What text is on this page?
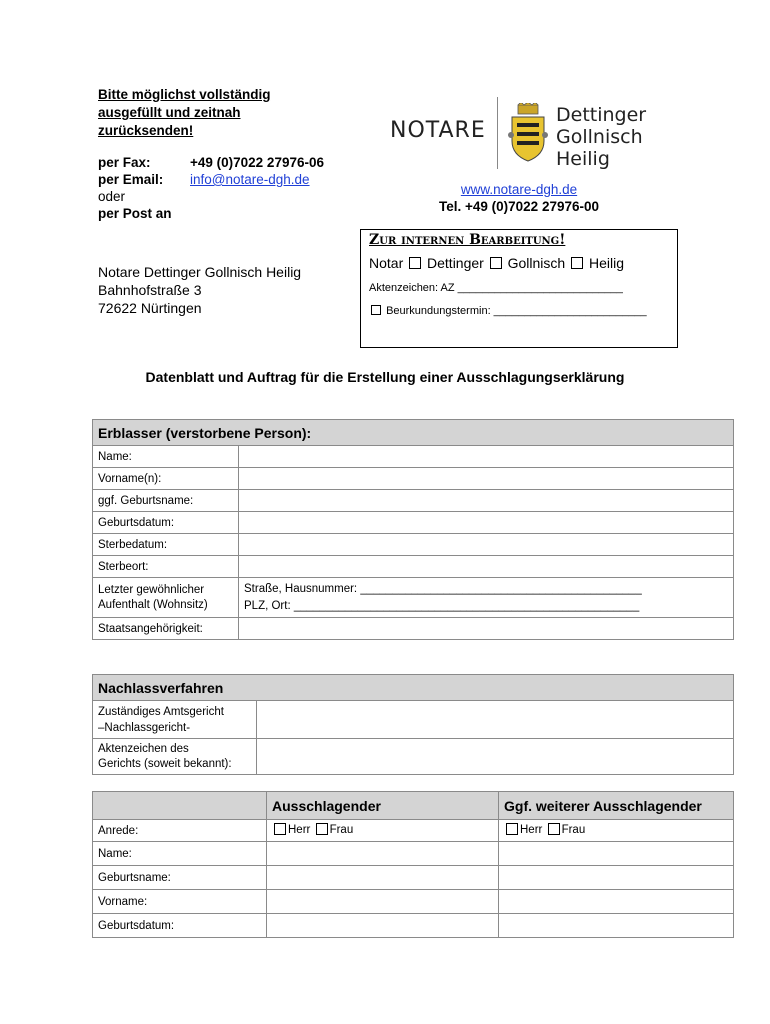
Bitte möglichst vollständig ausgefüllt und zeitnah zurücksenden!
per Fax:	+49 (0)7022 27976-06
per Email:	info@notare-dgh.de
oder
per Post an
Notare Dettinger Gollnisch Heilig
Bahnhofstraße 3
72622 Nürtingen
NOTARE
Dettinger
Gollnisch
Heilig
www.notare-dgh.de
Tel. +49 (0)7022 27976-00
Zur internen Bearbeitung!
Notar Dettinger Gollnisch Heilig
Aktenzeichen: AZ ___________________________
Beurkundungstermin: _________________________
Datenblatt und Auftrag für die Erstellung einer Ausschlagungserklärung
Erblasser (verstorbene Person):	
Name:	
Vorname(n):	
ggf. Geburtsname:	
Geburtsdatum:	
Sterbedatum:	
Sterbeort:	
Letzter gewöhnlicher Aufenthalt (Wohnsitz)	Straße, Hausnummer: ____________________________________________
PLZ, Ort: ______________________________________________________

Staatsangehörigkeit:	
Nachlassverfahren	

Zuständiges Amtsgericht
–Nachlassgericht-	

Aktenzeichen des
Gerichts (soweit bekannt):	

	Ausschlagender	Ggf. weiterer Ausschlagender
Anrede:	Herr Frau	Herr Frau
Name:		
Geburtsname:		
Vorname:		
Geburtsdatum:		
